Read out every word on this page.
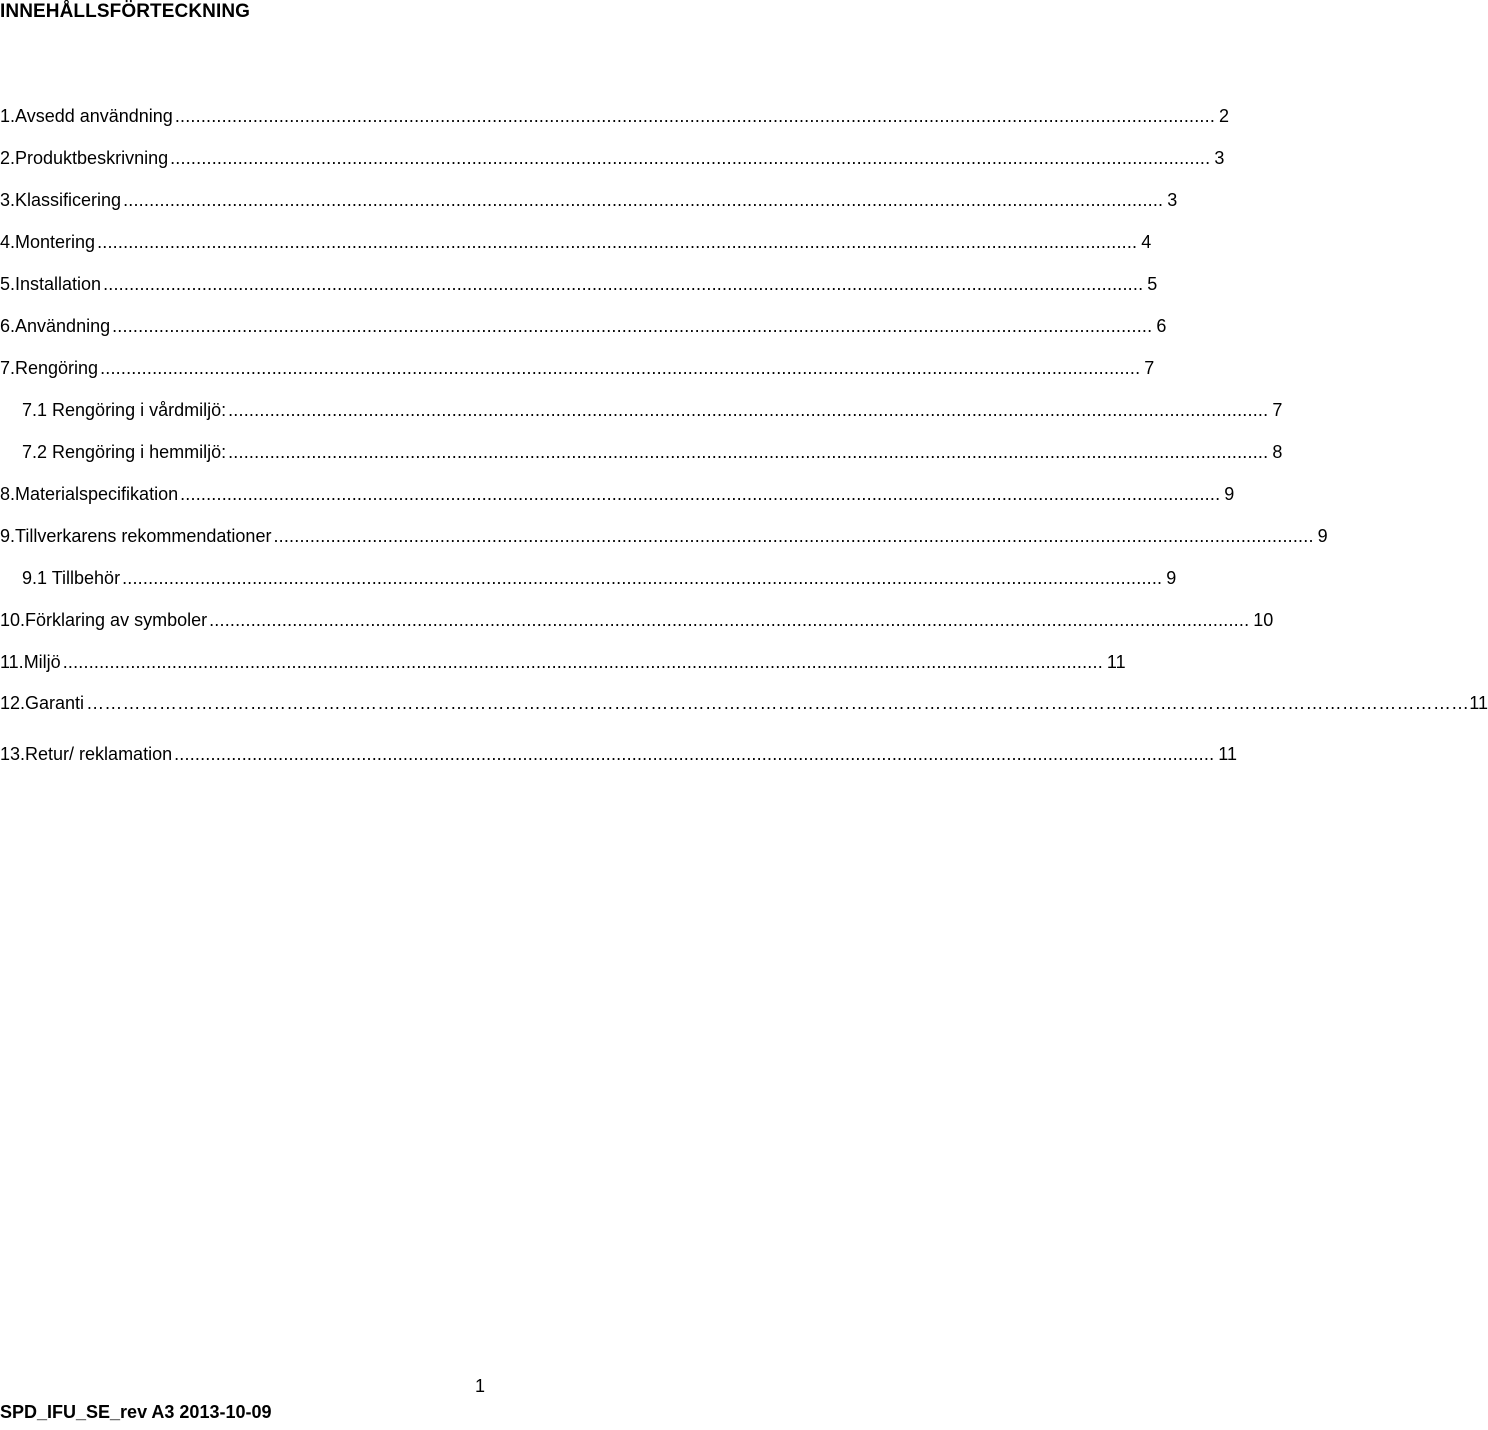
INNEHÅLLSFÖRTECKNING
1. Avsedd användning ........................................................................................................................................................................................................ 2
2. Produktbeskrivning ........................................................................................................................................................................................................ 3
3. Klassificering ........................................................................................................................................................................................................ 3
4. Montering ........................................................................................................................................................................................................ 4
5. Installation ........................................................................................................................................................................................................ 5
6. Användning ........................................................................................................................................................................................................ 6
7. Rengöring ........................................................................................................................................................................................................ 7
7.1 Rengöring i vårdmiljö: ........................................................................................................................................................................................................ 7
7.2 Rengöring i hemmiljö: ........................................................................................................................................................................................................ 8
8. Materialspecifikation ........................................................................................................................................................................................................ 9
9. Tillverkarens rekommendationer ........................................................................................................................................................................................................ 9
9.1 Tillbehör ........................................................................................................................................................................................................ 9
10. Förklaring av symboler ........................................................................................................................................................................................................ 10
11. Miljö ........................................................................................................................................................................................................ 11
12. Garanti ………………………………………………………………………………………………………………………………………………………………………………………………………… 11
13. Retur/ reklamation ........................................................................................................................................................................................................ 11
1
SPD_IFU_SE_rev A3 2013-10-09
